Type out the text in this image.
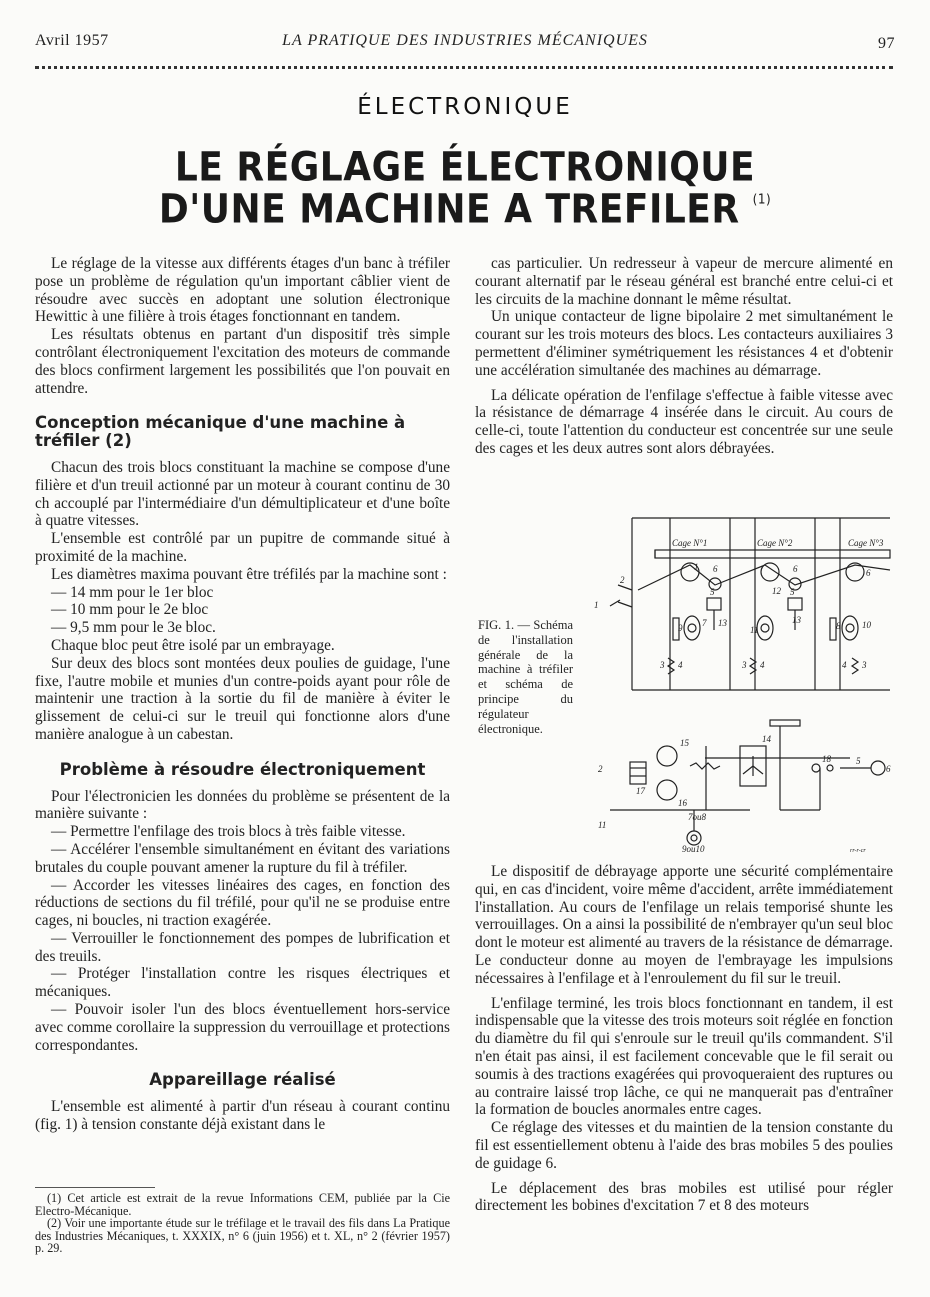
Avril 1957	LA PRATIQUE DES INDUSTRIES MÉCANIQUES	97
ÉLECTRONIQUE
LE RÉGLAGE ÉLECTRONIQUE
D'UNE MACHINE A TREFILER $^{(1)}$

Le réglage de la vitesse aux différents étages d'un banc à tréfiler pose un problème de régulation qu'un important câblier vient de résoudre avec succès en adoptant une solution électronique Hewittic à une filière à trois étages fonctionnant en tandem.

Les résultats obtenus en partant d'un dispositif très simple contrôlant électroniquement l'excitation des moteurs de commande des blocs confirment largement les possibilités que l'on pouvait en attendre.

Conception mécanique d'une machine à tréfiler (2)

Chacun des trois blocs constituant la machine se compose d'une filière et d'un treuil actionné par un moteur à courant continu de 30 ch accouplé par l'intermédiaire d'un démultiplicateur et d'une boîte à quatre vitesses.

L'ensemble est contrôlé par un pupitre de commande situé à proximité de la machine.

Les diamètres maxima pouvant être tréfilés par la machine sont :

— 14 mm pour le 1er bloc

— 10 mm pour le 2e bloc

— 9,5 mm pour le 3e bloc.

Chaque bloc peut être isolé par un embrayage.

Sur deux des blocs sont montées deux poulies de guidage, l'une fixe, l'autre mobile et munies d'un contre-poids ayant pour rôle de maintenir une traction à la sortie du fil de manière à éviter le glissement de celui-ci sur le treuil qui fonctionne alors d'une manière analogue à un cabestan.

Problème à résoudre électroniquement

Pour l'électronicien les données du problème se présentent de la manière suivante :

— Permettre l'enfilage des trois blocs à très faible vitesse.

— Accélérer l'ensemble simultanément en évitant des variations brutales du couple pouvant amener la rupture du fil à tréfiler.

— Accorder les vitesses linéaires des cages, en fonction des réductions de sections du fil tréfilé, pour qu'il ne se produise entre cages, ni boucles, ni traction exagérée.

— Verrouiller le fonctionnement des pompes de lubrification et des treuils.

— Protéger l'installation contre les risques électriques et mécaniques.

— Pouvoir isoler l'un des blocs éventuellement hors-service avec comme corollaire la suppression du verrouillage et protections correspondantes.

Appareillage réalisé

L'ensemble est alimenté à partir d'un réseau à courant continu (fig. 1) à tension constante déjà existant dans le

(1) Cet article est extrait de la revue Informations CEM, publiée par la Cie Electro-Mécanique.

(2) Voir une importante étude sur le tréfilage et le travail des fils dans La Pratique des Industries Mécaniques, t. XXXIX, n° 6 (juin 1956) et t. XL, n° 2 (février 1957) p. 29.

cas particulier. Un redresseur à vapeur de mercure alimenté en courant alternatif par le réseau général est branché entre celui-ci et les circuits de la machine donnant le même résultat.

Un unique contacteur de ligne bipolaire 2 met simultanément le courant sur les trois moteurs des blocs. Les contacteurs auxiliaires 3 permettent d'éliminer symétriquement les résistances 4 et d'obtenir une accélération simultanée des machines au démarrage.

La délicate opération de l'enfilage s'effectue à faible vitesse avec la résistance de démarrage 4 insérée dans le circuit. Au cours de celle-ci, toute l'attention du conducteur est concentrée sur une seule des cages et les deux autres sont alors débrayées.

FIG. 1. — Schéma de l'installation générale de la machine à tréfiler et schéma de principe du régulateur électronique.
Cage N°1	Cage N°2	Cage N°3
2
1
1 6	6	6
5	5
12
9 7 13
11
13
8 10
3 4	3 4	4 3
15	14
18	5
6
2
17
16
7ou8
9ou10
11
rr-r-cr

Le dispositif de débrayage apporte une sécurité complémentaire qui, en cas d'incident, voire même d'accident, arrête immédiatement l'installation. Au cours de l'enfilage un relais temporisé shunte les verrouillages. On a ainsi la possibilité de n'embrayer qu'un seul bloc dont le moteur est alimenté au travers de la résistance de démarrage. Le conducteur donne au moyen de l'embrayage les impulsions nécessaires à l'enfilage et à l'enroulement du fil sur le treuil.

L'enfilage terminé, les trois blocs fonctionnant en tandem, il est indispensable que la vitesse des trois moteurs soit réglée en fonction du diamètre du fil qui s'enroule sur le treuil qu'ils commandent. S'il n'en était pas ainsi, il est facilement concevable que le fil serait ou soumis à des tractions exagérées qui provoqueraient des ruptures ou au contraire laissé trop lâche, ce qui ne manquerait pas d'entraîner la formation de boucles anormales entre cages.

Ce réglage des vitesses et du maintien de la tension constante du fil est essentiellement obtenu à l'aide des bras mobiles 5 des poulies de guidage 6.

Le déplacement des bras mobiles est utilisé pour régler directement les bobines d'excitation 7 et 8 des moteurs
